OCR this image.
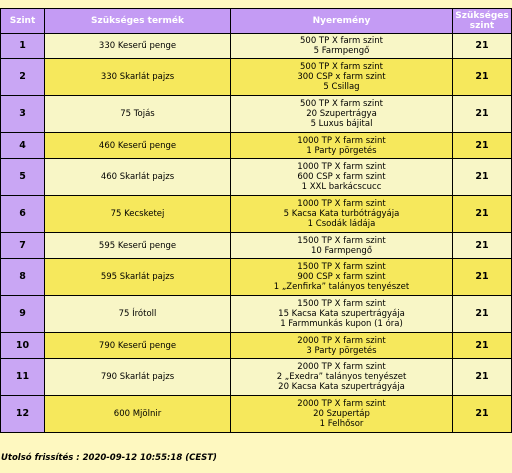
Szint	Szükséges termék	Nyeremény	Szükséges szint
1	330 Keserű penge	500 TP X farm szint
5 Farmpengő	21
2	330 Skarlát pajzs	500 TP X farm szint
300 CSP x farm szint
5 Csillag	21
3	75 Tojás	500 TP X farm szint
20 Szupertrágya
5 Luxus bájital	21
4	460 Keserű penge	1000 TP X farm szint
1 Party pörgetés	21
5	460 Skarlát pajzs	1000 TP X farm szint
600 CSP x farm szint
1 XXL barkácscucc	21
6	75 Kecsketej	1000 TP X farm szint
5 Kacsa Kata turbótrágyája
1 Csodák ládája	21
7	595 Keserű penge	1500 TP X farm szint
10 Farmpengő	21
8	595 Skarlát pajzs	1500 TP X farm szint
900 CSP x farm szint
1 „Zenfirka” talányos tenyészet	21
9	75 Írótoll	1500 TP X farm szint
15 Kacsa Kata szupertrágyája
1 Farmmunkás kupon (1 óra)	21
10	790 Keserű penge	2000 TP X farm szint
3 Party pörgetés	21
11	790 Skarlát pajzs	2000 TP X farm szint
2 „Exedra” talányos tenyészet
20 Kacsa Kata szupertrágyája	21
12	600 Mjölnir	2000 TP X farm szint
20 Szupertáp
1 Felhősor	21
Utolsó frissítés : 2020-09-12 10:55:18 (CEST)
